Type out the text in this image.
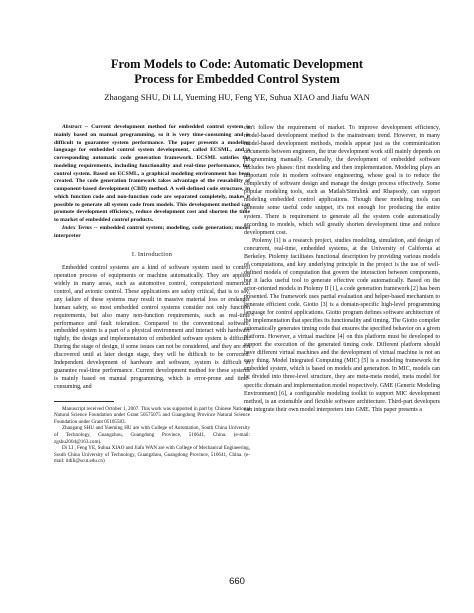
From Models to Code: Automatic Development
Process for Embedded Control System
Zhaogang SHU, Di LI, Yueming HU, Feng YE, Suhua XIAO and Jiafu WAN

Abstract -- Current development method for embedded control system is mainly based on manual programming, so it is very time-consuming and is difficult to guarantee system performance. The paper presents a modeling language for embedded control system development, called ECSML, and a corresponding automatic code generation framework. ECSML satisfies the modeling requirements, including functionality and real-time performance, for control system. Based on ECSML, a graphical modeling environment has been created. The code generation framework takes advantage of the reusability of component-based development (CBD) method. A well-defined code structure, in which function code and non-function code are separated completely, makes it possible to generate all system code from models. This development method can promote development efficiency, reduce development cost and shorten the time to market of embedded control products.

Index Terms -- embedded control system; modeling, code generation; model interpreter

I. Introduction

Embedded control systems are a kind of software system used to control operation process of equipments or machine automatically. They are applied widely in many areas, such as automotive control, computerized numerical control, and avionic control. These applications are safety critical, that is to say, any failure of these systems may result in massive material loss or endanger human safety, so most embedded control systems consider not only function requirements, but also many non-function requirements, such as real-time performance and fault toleration. Compared to the conventional software, embedded system is a part of a physical environment and interact with hardware tightly, the design and implementation of embedded software system is difficult. During the stage of design, if some issues can not be considered, and they are not discovered until at later design stage, they will be difficult to be corrected. Independent development of hardware and software, system is difficult to guarantee real-time performance. Current development method for these systems is mainly based on manual programming, which is error-prone and time-consuming, and

Manuscript received October 1, 2007. This work was supported in part by Chinese National Natural Science Foundation under Grant 50575075 and Guangdong Province Natural Science Foundation under Grant 05105583.

Zhaogang SHU and Yueming HU are with College of Automation, South China University of Technology, Guangzhou, Guangdong Province, 510641, China. (e-mail: zgshu2004@163.com).

Di LI , Feng YE, Suhua XIAO and Jiafu WAN are with College of Mechanical Engineering, South China University of Technology, Guangzhou, Guangdong Province, 510641, China. (e-mail: itdili@scut.edu.cn)

can't follow the requirement of market. To improve development efficiency, model-based development method is the mainstream trend. However, in many model-based development methods, models appear just as the communication documents between engineers, the true development work still mainly depends on programming manually. Generally, the development of embedded software includes two phases: first modeling and then implementation. Modeling plays an important role in modern software engineering, whose goal is to reduce the complexity of software design and manage the design process effectively. Some popular modeling tools, such as Matlab/Simulink and Rhapsody, can support modeling embedded control applications. Though these modeling tools can generate some useful code snippet, it's not enough for producing the entire system. There is requirement to generate all the system code automatically according to models, which will greatly shorten development time and reduce development cost.

Ptolemy [1] is a research project, studies modeling, simulation, and design of concurrent, real-time, embedded systems, at the University of California at Berkeley. Ptolemy facilitates functional description by providing various models of computations, and key underlying principle in the project is the use of well-defined models of computation that govern the interaction between components, but it lacks useful tool to generate effective code automatically. Based on the actor-oriented models in Ptolemy II [1], a code generation framework [2] has been presented. The framework uses partial evaluation and helper-based mechanism to generate efficient code. Giotto [3] is a domain-specific high-level programming language for control applications. Giotto program defines software architecture of the implementation that specifies its functionality and timing. The Giotto compiler automatically generates timing code that ensures the specified behavior on a given platform. However, a virtual machine [4] on this platform must be developed to support the execution of the generated timing code. Different platform should have different virtual machines and the development of virtual machine is not an easy thing. Model Integrated Computing (MIC) [5] is a modeling framework for embedded system, which is based on models and generation. In MIC, models can be divided into three-level structure, they are meta-meta model, meta model for specific domain and implementation model respectively. GME (Generic Modeling Environment) [6], a configurable modeling toolkit to support MIC development method, is an extensible and flexible software architecture. Third-part developers can integrate their own model interpreters into GME. This paper presents a

660
